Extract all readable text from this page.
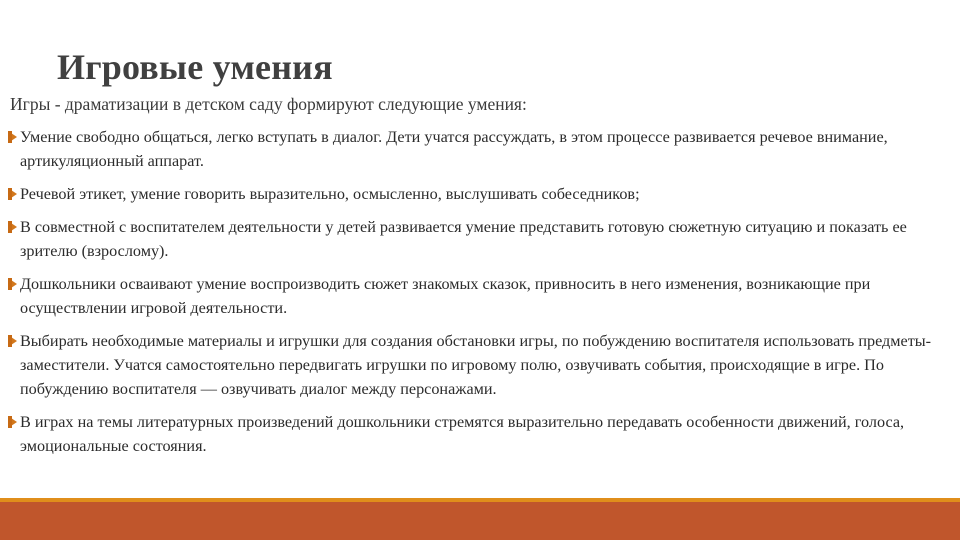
Игровые умения

Игры - драматизации в детском саду формируют следующие умения:

Умение свободно общаться, легко вступать в диалог. Дети учатся рассуждать, в этом процессе развивается речевое внимание, артикуляционный аппарат.
Речевой этикет, умение говорить выразительно, осмысленно, выслушивать собеседников;
В совместной с воспитателем деятельности у детей развивается умение представить готовую сюжетную ситуацию и показать ее зрителю (взрослому).
Дошкольники осваивают умение воспроизводить сюжет знакомых сказок, привносить в него изменения, возникающие при осуществлении игровой деятельности.
Выбирать необходимые материалы и игрушки для создания обстановки игры, по побуждению воспитателя использовать предметы-заместители. Учатся самостоятельно передвигать игрушки по игровому полю, озвучивать события, происходящие в игре. По побуждению воспитателя — озвучивать диалог между персонажами.
В играх на темы литературных произведений дошкольники стремятся выразительно передавать особенности движений, голоса, эмоциональные состояния.
